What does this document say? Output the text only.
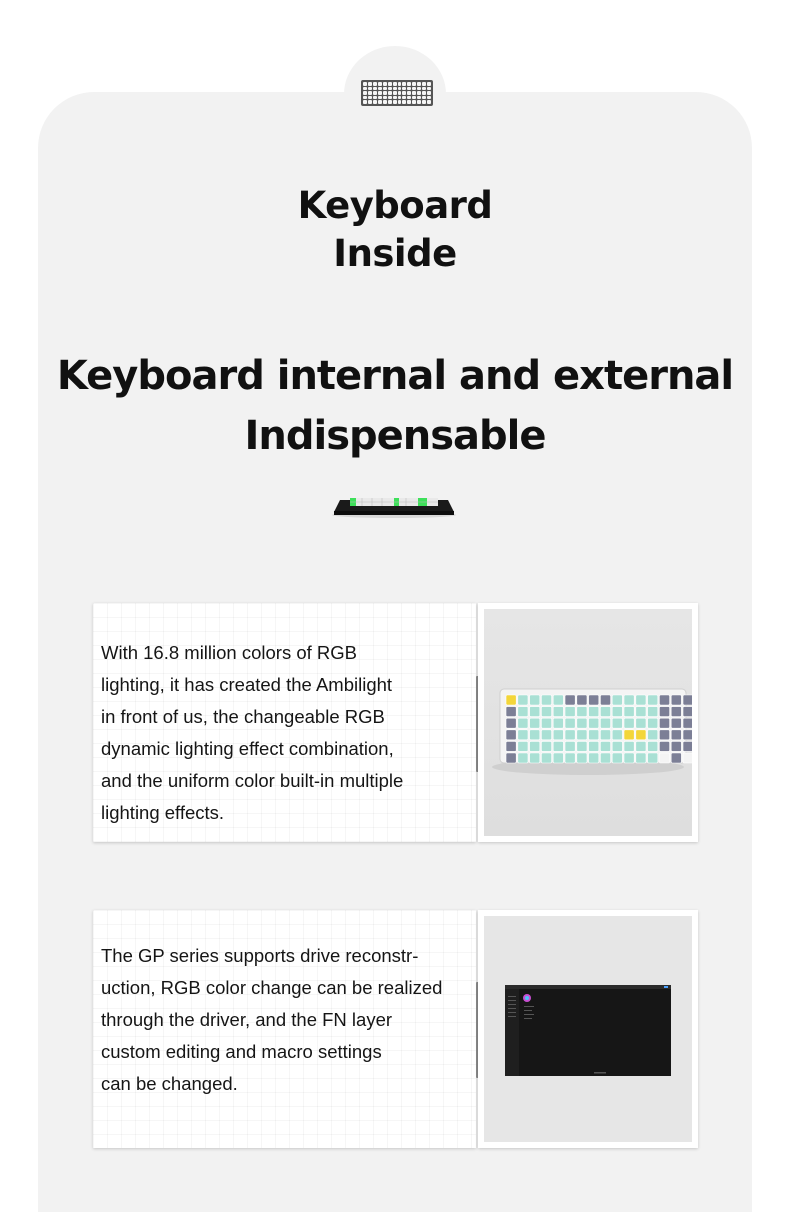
Keyboard
Inside
Keyboard internal and external
Indispensable

With 16.8 million colors of RGB
lighting, it has created the Ambilight
in front of us, the changeable RGB
dynamic lighting effect combination,
and the uniform color built-in multiple
lighting effects.

The GP series supports drive reconstr-
uction, RGB color change can be realized
through the driver, and the FN layer
custom editing and macro settings
can be changed.
